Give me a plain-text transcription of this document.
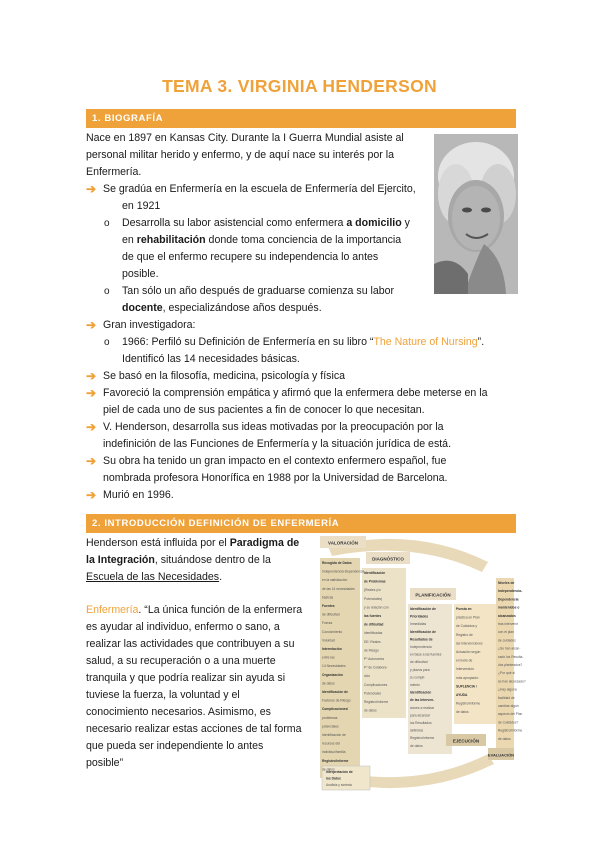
TEMA 3. VIRGINIA HENDERSON
1. BIOGRAFÍA
Nace en 1897 en Kansas City. Durante la I Guerra Mundial asiste al
personal militar herido y enfermo, y de aquí nace su interés por la
Enfermería.
➔ Se gradúa en Enfermería en la escuela de Enfermería del Ejercito,
en 1921
o Desarrolla su labor asistencial como enfermera a domicilio y
en rehabilitación donde toma conciencia de la importancia
de que el enfermo recupere su independencia lo antes
posible.
o Tan sólo un año después de graduarse comienza su labor
docente, especializándose años después.
➔ Gran investigadora:
o 1966: Perfiló su Definición de Enfermería en su libro “The Nature of Nursing”.
Identificó las 14 necesidades básicas.
➔ Se basó en la filosofía, medicina, psicología y física
➔ Favoreció la comprensión empática y afirmó que la enfermera debe meterse en la
piel de cada uno de sus pacientes a fin de conocer lo que necesitan.
➔ V. Henderson, desarrolla sus ideas motivadas por la preocupación por la
indefinición de las Funciones de Enfermería y la situación jurídica de está.
➔ Su obra ha tenido un gran impacto en el contexto enfermero español, fue
nombrada profesora Honorífica en 1988 por la Universidad de Barcelona.
➔ Murió en 1996.
2. INTRODUCCIÓN DEFINICIÓN DE ENFERMERÍA
Henderson está influida por el Paradigma de
la Integración, situándose dentro de la
Escuela de las Necesidades.
Enfermería. “La única función de la enfermera
es ayudar al individuo, enfermo o sano, a
realizar las actividades que contribuyen a su
salud, a su recuperación o a una muerte
tranquila y que podría realizar sin ayuda si
tuviese la fuerza, la voluntad y el
conocimiento necesarios. Asimismo, es
necesario realizar estas acciones de tal forma
que pueda ser independiente lo antes
posible”
VALORACIÓN
DIAGNÓSTICO
PLANIFICACIÓN
EJECUCIÓN
EVALUACIÓN
Recogida de Datos
Independencia-Dependencia
en la satisfacción
de las 14 necesidades
básicas
Fuentes
de dificultad
Fuerza
Conocimiento
Voluntad
Interrelación
entre las
14 Necesidades
Organización
de datos
Identificación de
Factores de Riesgo
Complicaciones/
problemas
potenciales
Identificación de
recursos del
individuo/familia
Registro/informe
de datos
Identificación
de Problemas
(Reales y/o
Potenciales)
y su relación con
las fuentes
de dificultad
identificadas
DE: Reales
de Riesgo
Pº Autonomía
Pº de Colabora-
ción
Complicaciones
Potenciales
Registro/informe
de datos
Identificación de
Prioridades
Inmediatas
Identificación de
Resultados de
Independencia
en base a las fuentes
de dificultad
y plazos para
su cumpli-
miento
Identificación
de las Interven-
ciones a realizar
para alcanzar
los Resultados
definidos
Registro/informe
de datos
Puesta en
práctica en Plan
de Cuidados y
Registro de
las Intervenciones
Actuación según
el modo de
Intervención
más apropiado:
SUPLENCIA /
AYUDA
Registro/informe
de datos
Niveles de
Independencia-
Dependencia
mantenidos o
alcanzados
tras intervenir
con el plan
de cuidados
¿Se han alcan-
zado los Resulta-
dos planteados?
¿Por qué sí
se han alcanzado?
¿Hay alguna
facilidad de
cambiar algún
aspecto del Plan
de Cuidados?
Registro/informe
de datos
Interpretación de
los Datos
Análisis y síntesis
